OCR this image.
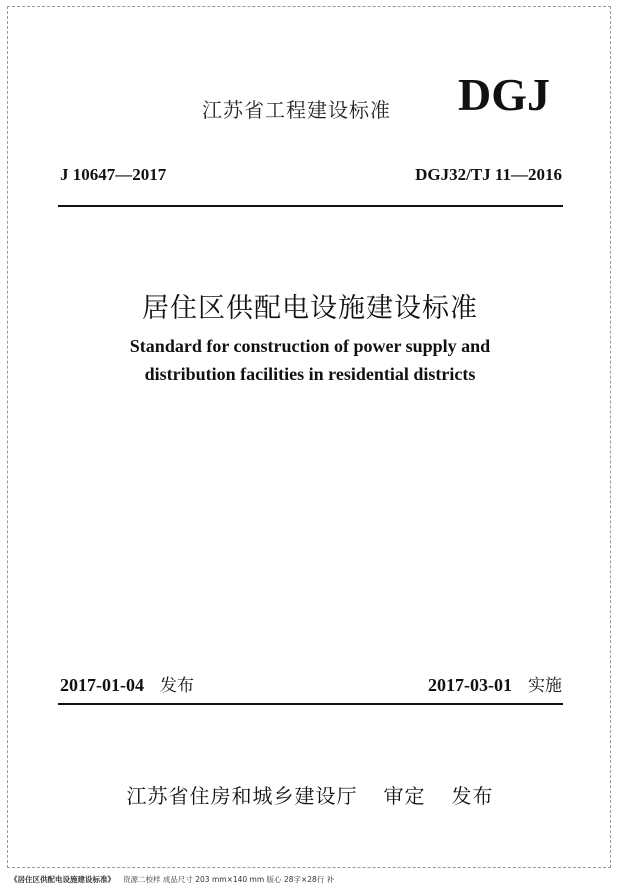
江苏省工程建设标准 DGJ
J 10647—2017	DGJ32/TJ 11—2016
居住区供配电设施建设标准
Standard for construction of power supply and
distribution facilities in residential districts
2017-01-04 发布	2017-03-01 实施
江苏省住房和城乡建设厅 审定 发布
《居住区供配电设施建设标准》 资源二校样 成品尺寸 203 mm×140 mm 版心 28字×28行 补
